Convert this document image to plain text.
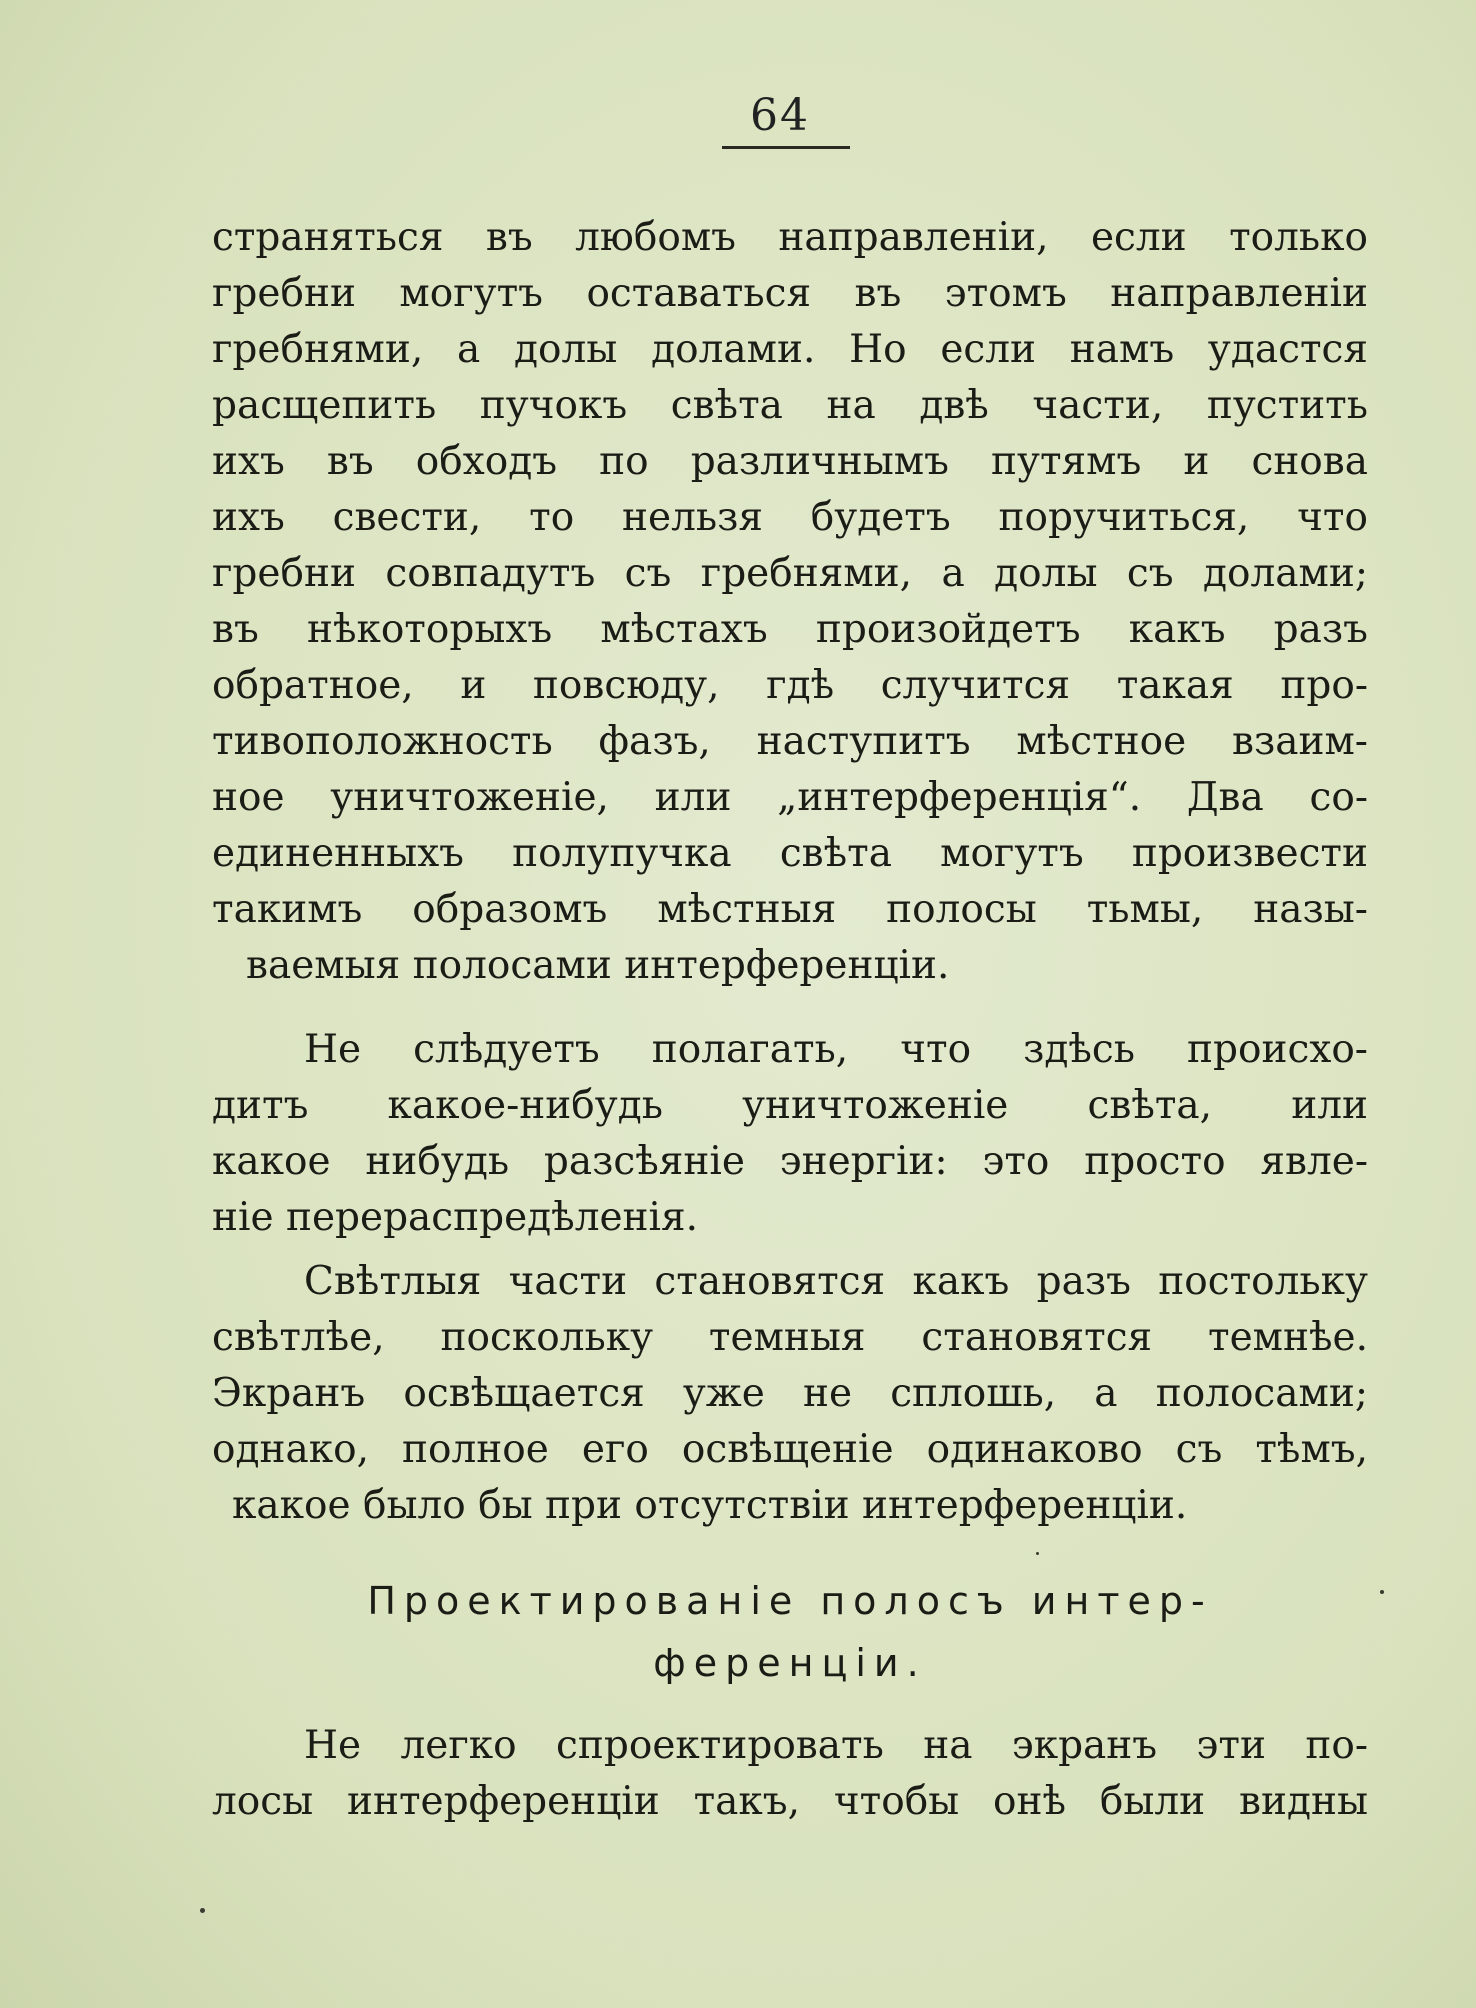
64
страняться въ любомъ направленіи, если только
гребни могутъ оставаться въ этомъ направленіи
гребнями, а долы долами. Но если намъ удастся
расщепить пучокъ свѣта на двѣ части, пустить
ихъ въ обходъ по различнымъ путямъ и снова
ихъ свести, то нельзя будетъ поручиться, что
гребни совпадутъ съ гребнями, а долы съ долами;
въ нѣкоторыхъ мѣстахъ произойдетъ какъ разъ
обратное, и повсюду, гдѣ случится такая про-
тивоположность фазъ, наступитъ мѣстное взаим-
ное уничтоженіе, или „интерференція“. Два со-
единенныхъ полупучка свѣта могутъ произвести
такимъ образомъ мѣстныя полосы тьмы, назы-
ваемыя полосами интерференціи.
Не слѣдуетъ полагать, что здѣсь происхо-
дитъ какое-нибудь уничтоженіе свѣта, или
какое нибудь разсѣяніе энергіи: это просто явле-
ніе перераспредѣленія.
Свѣтлыя части становятся какъ разъ постольку
свѣтлѣе, поскольку темныя становятся темнѣе.
Экранъ освѣщается уже не сплошь, а полосами;
однако, полное его освѣщеніе одинаково съ тѣмъ,
какое было бы при отсутствіи интерференціи.
Проектированіе полосъ интер-
ференціи.
Не легко спроектировать на экранъ эти по-
лосы интерференціи такъ, чтобы онѣ были видны
